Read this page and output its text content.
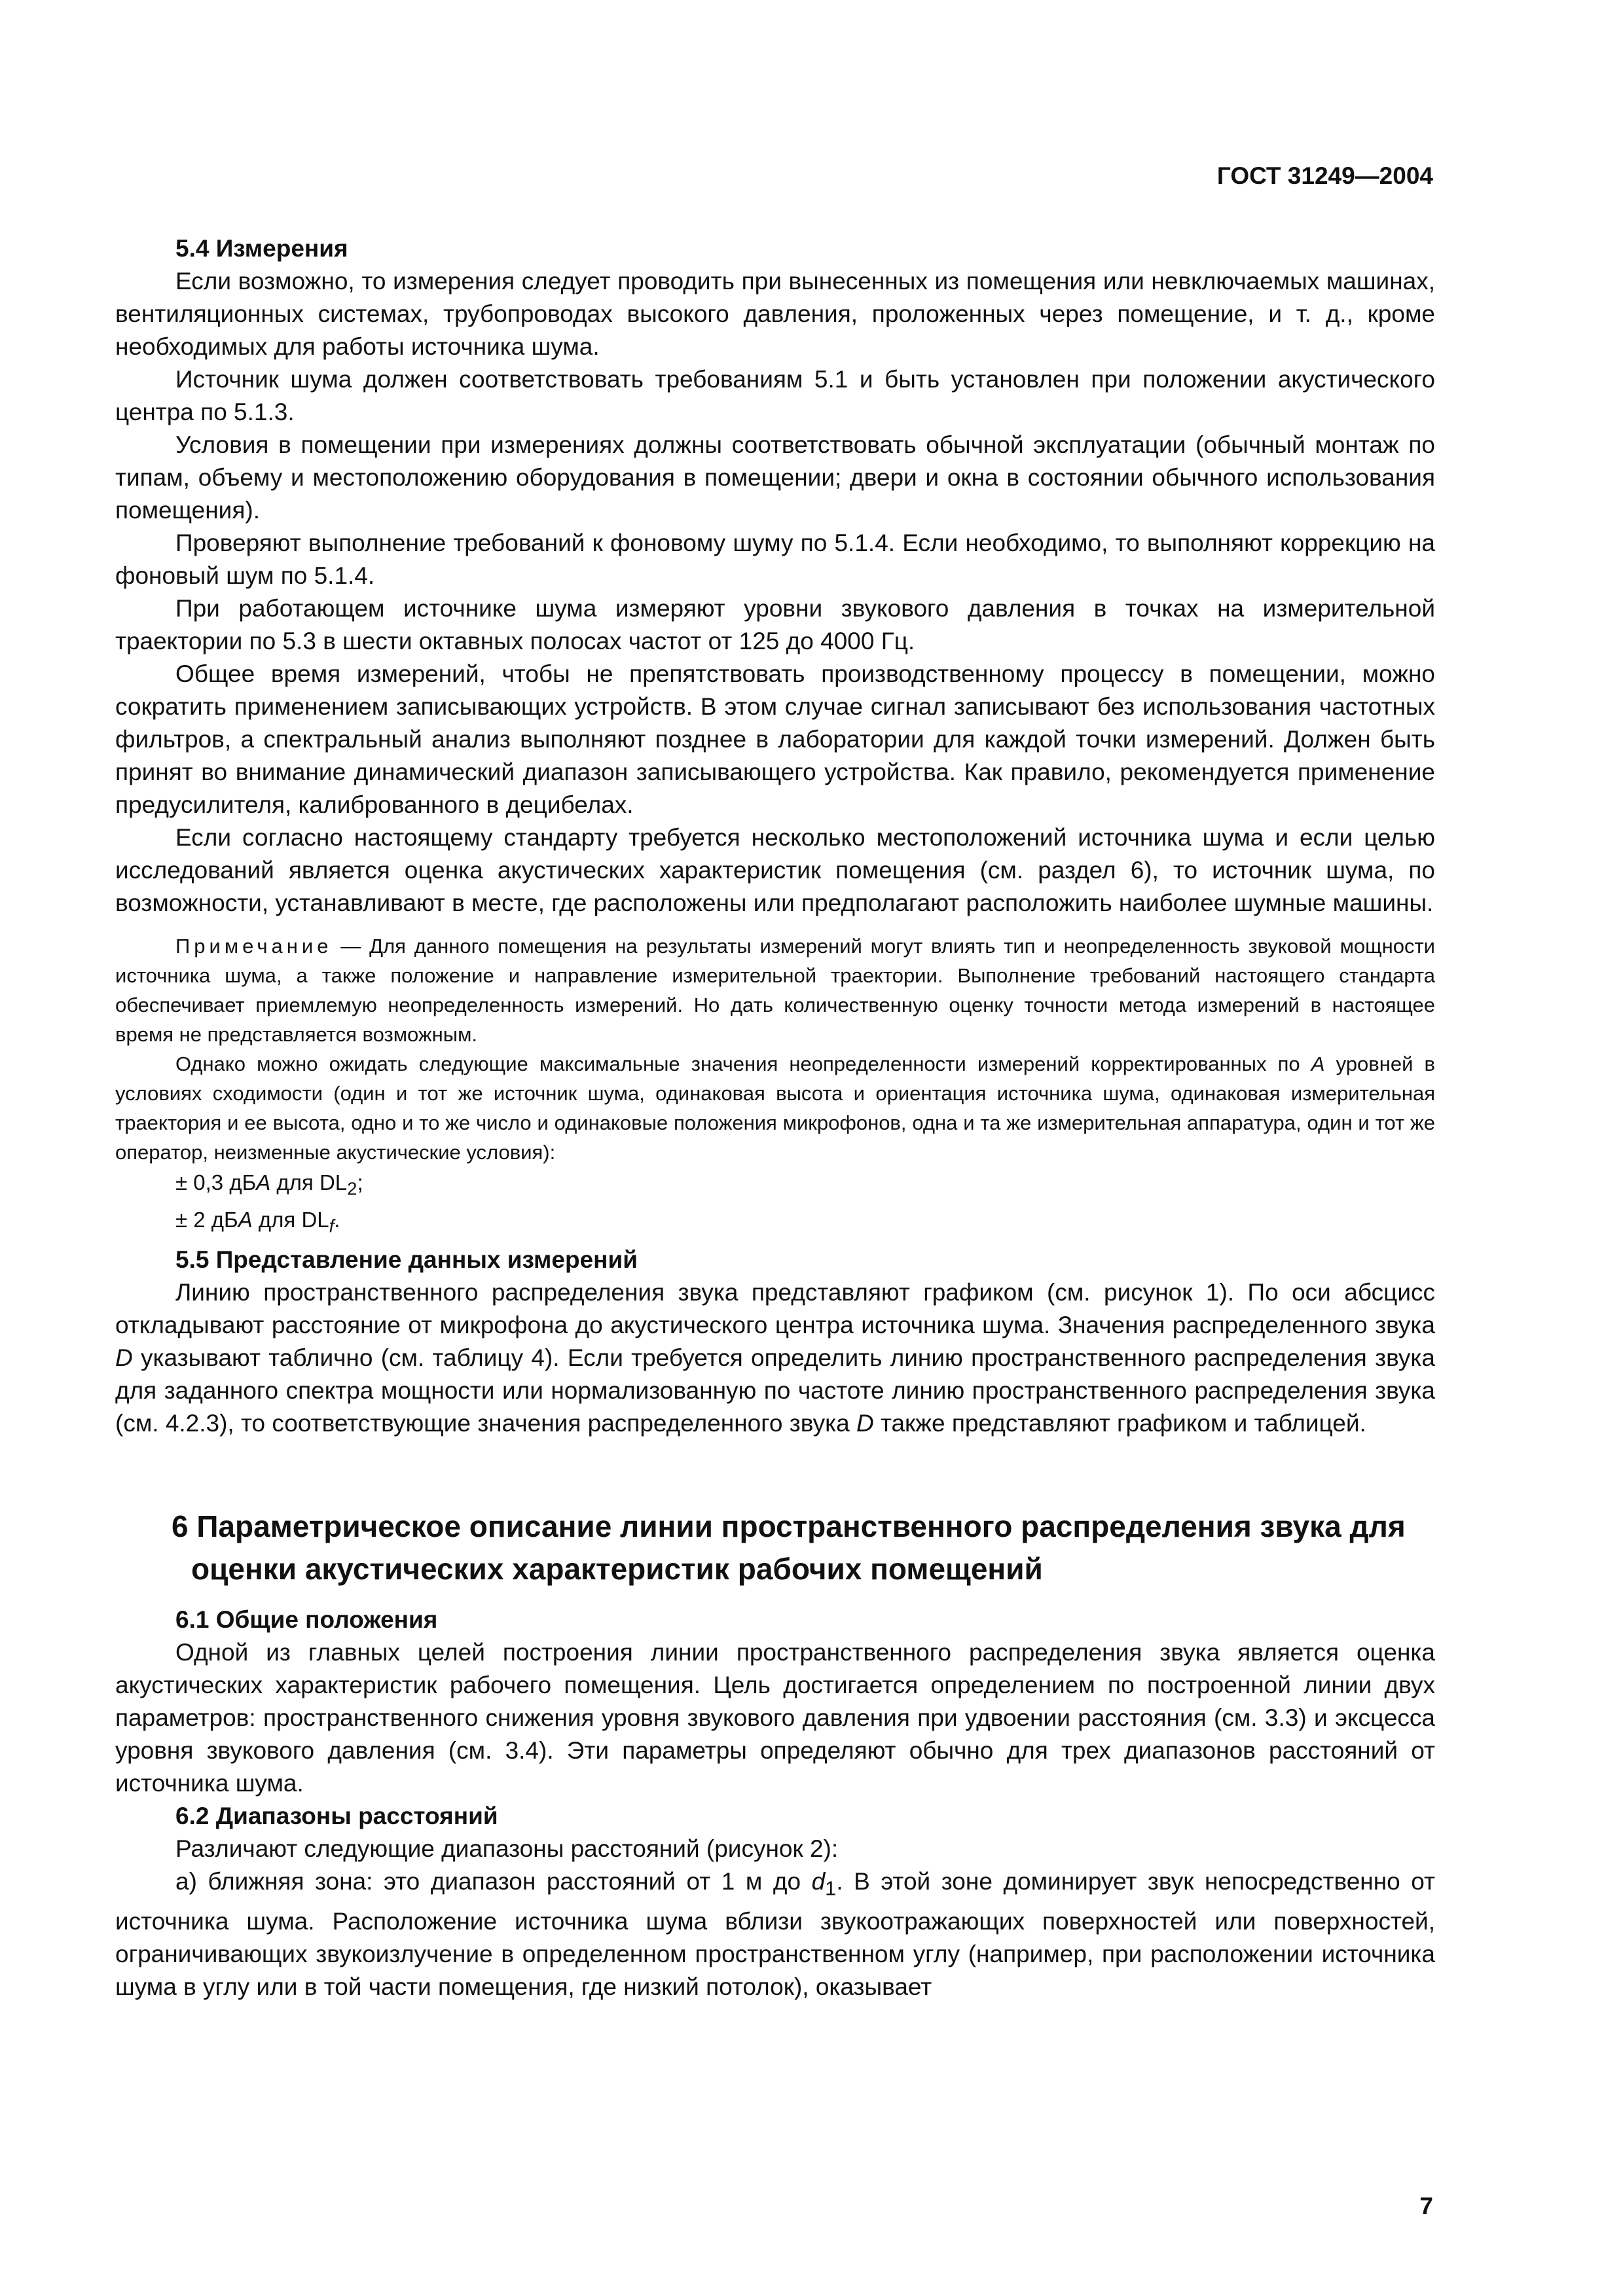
ГОСТ 31249—2004
5.4 Измерения

Если возможно, то измерения следует проводить при вынесенных из помещения или невключаемых машинах, вентиляционных системах, трубопроводах высокого давления, проложенных через помещение, и т. д., кроме необходимых для работы источника шума.

Источник шума должен соответствовать требованиям 5.1 и быть установлен при положении акустического центра по 5.1.3.

Условия в помещении при измерениях должны соответствовать обычной эксплуатации (обычный монтаж по типам, объему и местоположению оборудования в помещении; двери и окна в состоянии обычного использования помещения).

Проверяют выполнение требований к фоновому шуму по 5.1.4. Если необходимо, то выполняют коррекцию на фоновый шум по 5.1.4.

При работающем источнике шума измеряют уровни звукового давления в точках на измерительной траектории по 5.3 в шести октавных полосах частот от 125 до 4000 Гц.

Общее время измерений, чтобы не препятствовать производственному процессу в помещении, можно сократить применением записывающих устройств. В этом случае сигнал записывают без использования частотных фильтров, а спектральный анализ выполняют позднее в лаборатории для каждой точки измерений. Должен быть принят во внимание динамический диапазон записывающего устройства. Как правило, рекомендуется применение предусилителя, калиброванного в децибелах.

Если согласно настоящему стандарту требуется несколько местоположений источника шума и если целью исследований является оценка акустических характеристик помещения (см. раздел 6), то источник шума, по возможности, устанавливают в месте, где расположены или предполагают расположить наиболее шумные машины.

Примечание — Для данного помещения на результаты измерений могут влиять тип и неопределенность звуковой мощности источника шума, а также положение и направление измерительной траектории. Выполнение требований настоящего стандарта обеспечивает приемлемую неопределенность измерений. Но дать количественную оценку точности метода измерений в настоящее время не представляется возможным.

Однако можно ожидать следующие максимальные значения неопределенности измерений корректированных по A уровней в условиях сходимости (один и тот же источник шума, одинаковая высота и ориентация источника шума, одинаковая измерительная траектория и ее высота, одно и то же число и одинаковые положения микрофонов, одна и та же измерительная аппаратура, один и тот же оператор, неизменные акустические условия):

± 0,3 дБA для $DL_2$;
± 2 дБA для $DL_f$.
5.5 Представление данных измерений

Линию пространственного распределения звука представляют графиком (см. рисунок 1). По оси абсцисс откладывают расстояние от микрофона до акустического центра источника шума. Значения распределенного звука D указывают таблично (см. таблицу 4). Если требуется определить линию пространственного распределения звука для заданного спектра мощности или нормализованную по частоте линию пространственного распределения звука (см. 4.2.3), то соответствующие значения распределенного звука D также представляют графиком и таблицей.

6 Параметрическое описание линии пространственного распределения звука для оценки акустических характеристик рабочих помещений
6.1 Общие положения

Одной из главных целей построения линии пространственного распределения звука является оценка акустических характеристик рабочего помещения. Цель достигается определением по построенной линии двух параметров: пространственного снижения уровня звукового давления при удвоении расстояния (см. 3.3) и эксцесса уровня звукового давления (см. 3.4). Эти параметры определяют обычно для трех диапазонов расстояний от источника шума.

6.2 Диапазоны расстояний

Различают следующие диапазоны расстояний (рисунок 2):

а) ближняя зона: это диапазон расстояний от 1 м до $d_1$. В этой зоне доминирует звук непосредственно от источника шума. Расположение источника шума вблизи звукоотражающих поверхностей или поверхностей, ограничивающих звукоизлучение в определенном пространственном углу (например, при расположении источника шума в углу или в той части помещения, где низкий потолок), оказывает

7
